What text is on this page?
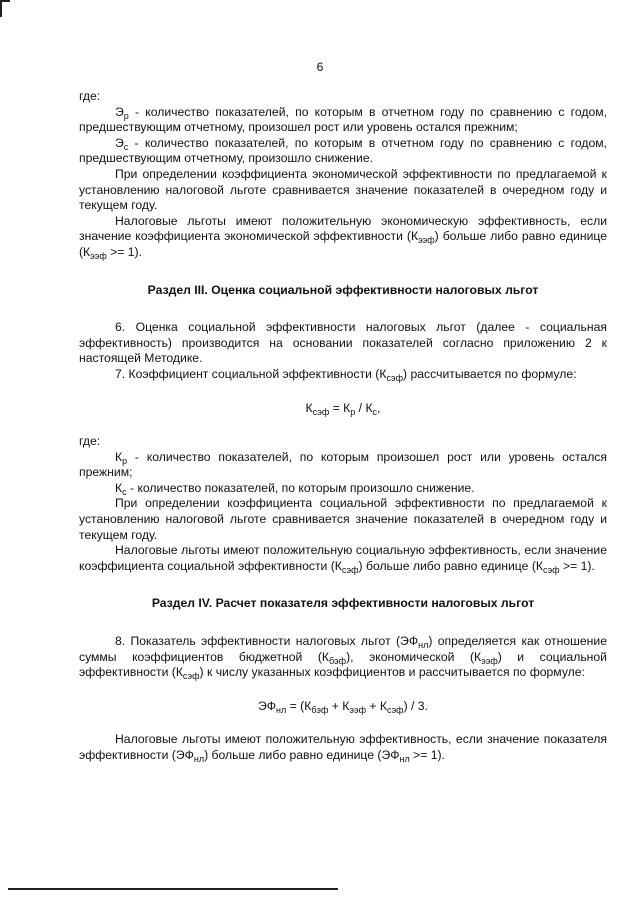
6

где:

$Э_р$ - количество показателей, по которым в отчетном году по сравнению с годом, предшествующим отчетному, произошел рост или уровень остался прежним;

$Э_с$ - количество показателей, по которым в отчетном году по сравнению с годом, предшествующим отчетному, произошло снижение.

При определении коэффициента экономической эффективности по предлагаемой к установлению налоговой льготе сравнивается значение показателей в очередном году и текущем году.

Налоговые льготы имеют положительную экономическую эффективность, если значение коэффициента экономической эффективности $(К_{ээф})$ больше либо равно единице $(К_{ээф} >= 1)$.

Раздел III. Оценка социальной эффективности налоговых льгот

6. Оценка социальной эффективности налоговых льгот (далее - социальная эффективность) производится на основании показателей согласно приложению 2 к настоящей Методике.

7. Коэффициент социальной эффективности $(К_{сэф})$ рассчитывается по формуле:

$К_{сэф} = К_р / К_с$,

где:

$К_р$ - количество показателей, по которым произошел рост или уровень остался прежним;

$К_с$ - количество показателей, по которым произошло снижение.

При определении коэффициента социальной эффективности по предлагаемой к установлению налоговой льготе сравнивается значение показателей в очередном году и текущем году.

Налоговые льготы имеют положительную социальную эффективность, если значение коэффициента социальной эффективности $(К_{сэф})$ больше либо равно единице $(К_{сэф} >= 1)$.

Раздел IV. Расчет показателя эффективности налоговых льгот

8. Показатель эффективности налоговых льгот $(ЭФ_{нл})$ определяется как отношение суммы коэффициентов бюджетной $(К_{бэф})$, экономической $(К_{ээф})$ и социальной эффективности $(К_{сэф})$ к числу указанных коэффициентов и рассчитывается по формуле:

$ЭФ_{нл} = (К_{бэф} + К_{ээф} + К_{сэф}) / 3$.

Налоговые льготы имеют положительную эффективность, если значение показателя эффективности $(ЭФ_{нл})$ больше либо равно единице $(ЭФ_{нл} >= 1)$.
